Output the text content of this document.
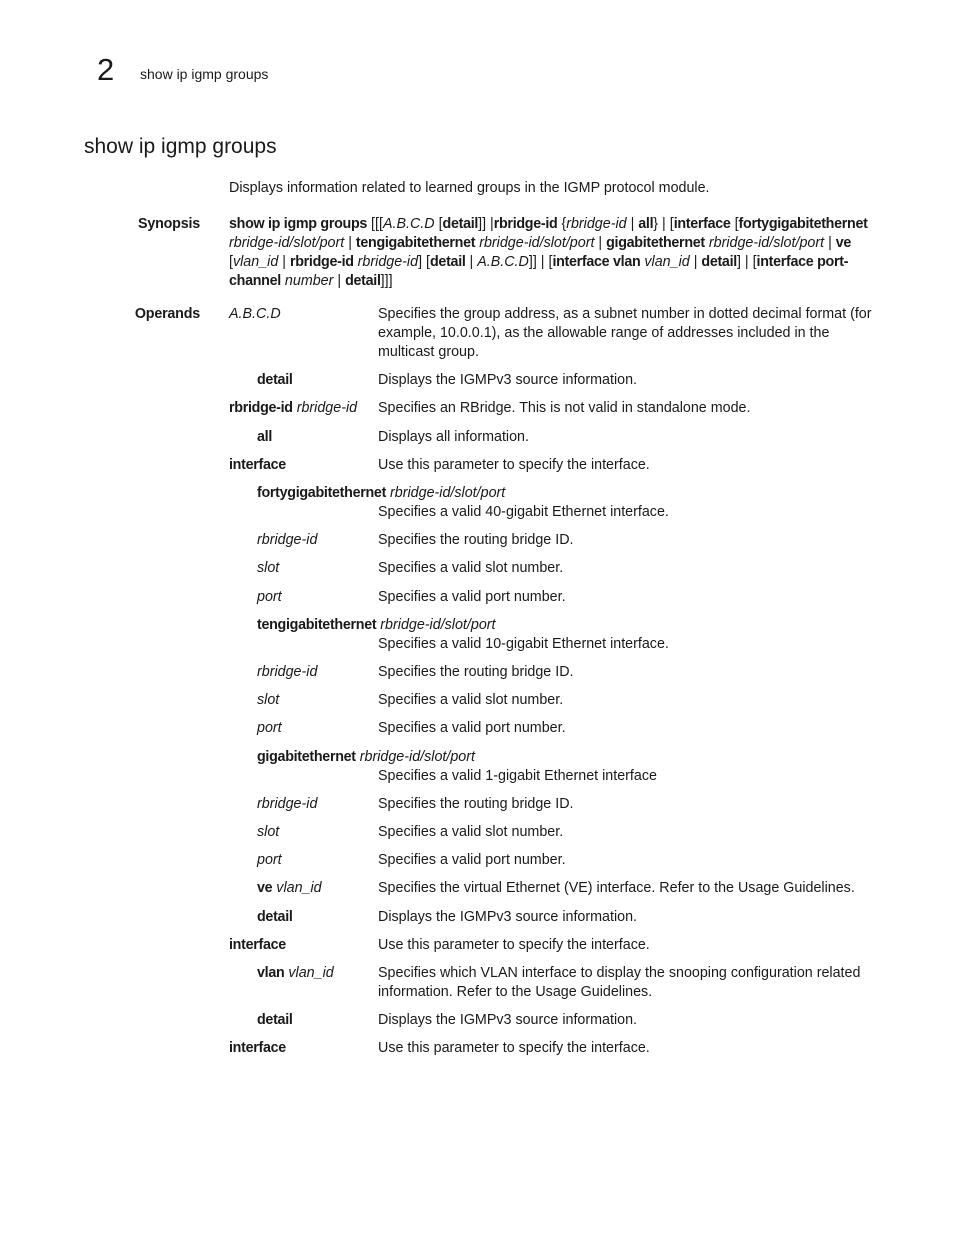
2 show ip igmp groups
show ip igmp groups
Displays information related to learned groups in the IGMP protocol module.
Synopsis show ip igmp groups [[[A.B.C.D [detail]] |rbridge-id {rbridge-id | all} | [interface [fortygigabitethernet rbridge-id/slot/port | tengigabitethernet rbridge-id/slot/port | gigabitethernet rbridge-id/slot/port | ve [vlan_id | rbridge-id rbridge-id] [detail | A.B.C.D]] | [interface vlan vlan_id | detail] | [interface port-channel number | detail]]]
Operands A.B.C.D	Specifies the group address, as a subnet number in dotted decimal format (for example, 10.0.0.1), as the allowable range of addresses included in the multicast group.
detail	Displays the IGMPv3 source information.
rbridge-id rbridge-id Specifies an RBridge. This is not valid in standalone mode.
all	Displays all information.
interface	Use this parameter to specify the interface.
fortygigabitethernet rbridge-id/slot/port
Specifies a valid 40-gigabit Ethernet interface.
rbridge-id	Specifies the routing bridge ID.
slot	Specifies a valid slot number.
port	Specifies a valid port number.
tengigabitethernet rbridge-id/slot/port
Specifies a valid 10-gigabit Ethernet interface.
rbridge-id	Specifies the routing bridge ID.
slot	Specifies a valid slot number.
port	Specifies a valid port number.
gigabitethernet rbridge-id/slot/port
Specifies a valid 1-gigabit Ethernet interface
rbridge-id	Specifies the routing bridge ID.
slot	Specifies a valid slot number.
port	Specifies a valid port number.
ve vlan_id	Specifies the virtual Ethernet (VE) interface. Refer to the Usage Guidelines.
detail	Displays the IGMPv3 source information.
interface	Use this parameter to specify the interface.
vlan vlan_id	Specifies which VLAN interface to display the snooping configuration related information. Refer to the Usage Guidelines.
detail	Displays the IGMPv3 source information.
interface	Use this parameter to specify the interface.
